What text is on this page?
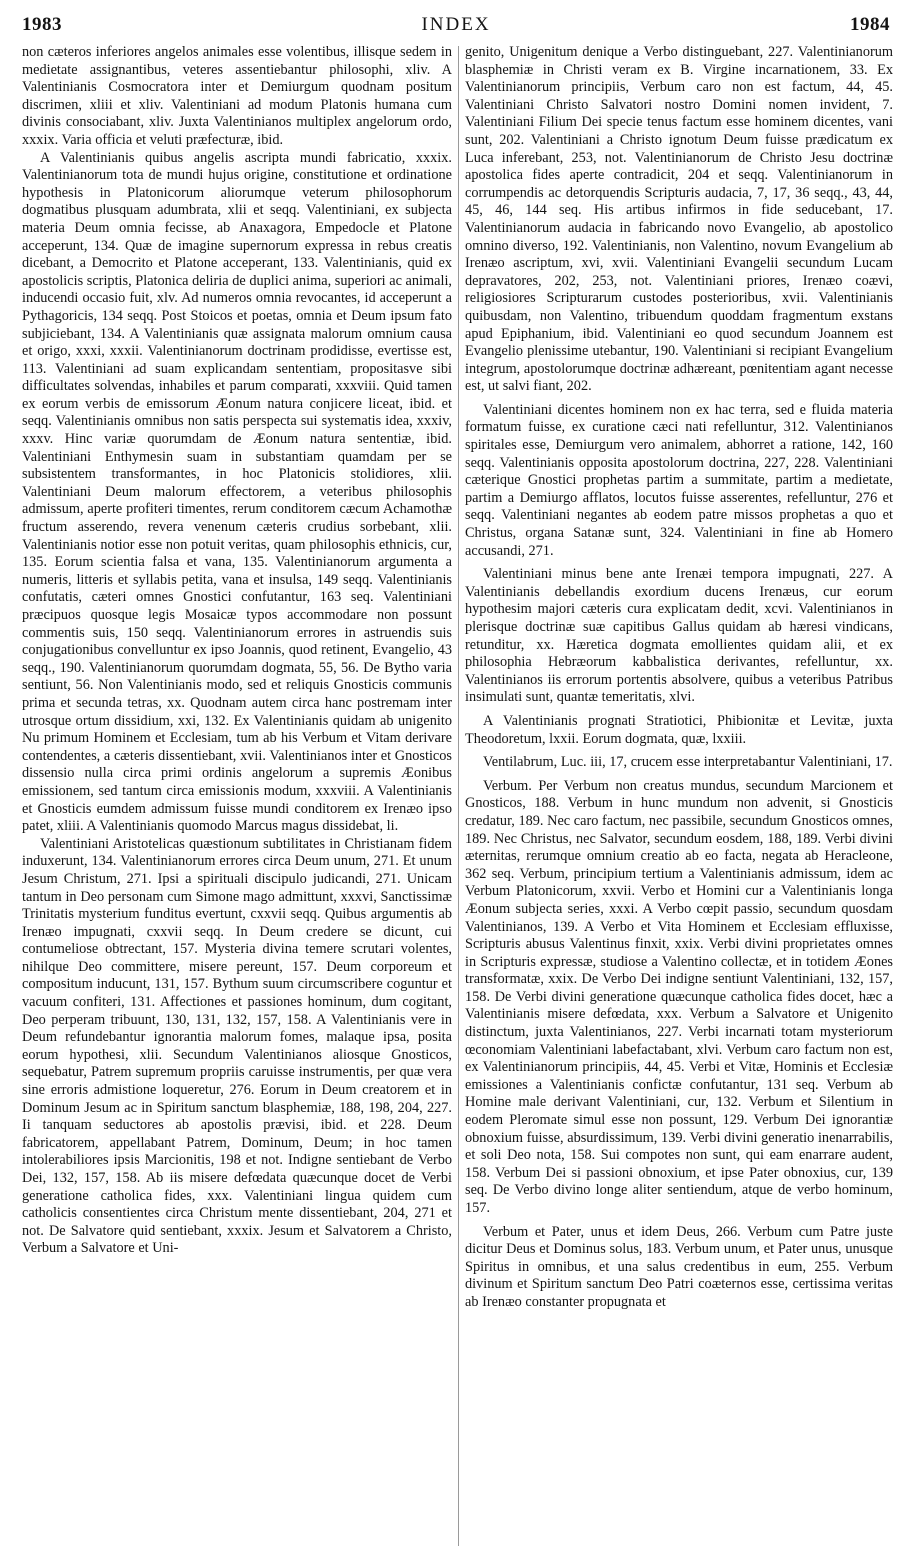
1983	INDEX	1984

non cæteros inferiores angelos animales esse volentibus, illisque sedem in medietate assignantibus, veteres assentiebantur philosophi, xliv. A Valentinianis Cosmocratora inter et Demiurgum quodnam positum discrimen, xliii et xliv. Valentiniani ad modum Platonis humana cum divinis consociabant, xliv. Juxta Valentinianos multiplex angelorum ordo, xxxix. Varia officia et veluti præfecturæ, ibid.

A Valentinianis quibus angelis ascripta mundi fabricatio, xxxix. Valentinianorum tota de mundi hujus origine, constitutione et ordinatione hypothesis in Platonicorum aliorumque veterum philosophorum dogmatibus plusquam adumbrata, xlii et seqq. Valentiniani, ex subjecta materia Deum omnia fecisse, ab Anaxagora, Empedocle et Platone acceperunt, 134. Quæ de imagine supernorum expressa in rebus creatis dicebant, a Democrito et Platone acceperant, 133. Valentinianis, quid ex apostolicis scriptis, Platonica deliria de duplici anima, superiori ac animali, inducendi occasio fuit, xlv. Ad numeros omnia revocantes, id acceperunt a Pythagoricis, 134 seqq. Post Stoicos et poetas, omnia et Deum ipsum fato subjiciebant, 134. A Valentinianis quæ assignata malorum omnium causa et origo, xxxi, xxxii. Valentinianorum doctrinam prodidisse, evertisse est, 113. Valentiniani ad suam explicandam sententiam, propositasve sibi difficultates solvendas, inhabiles et parum comparati, xxxviii. Quid tamen ex eorum verbis de emissorum Æonum natura conjicere liceat, ibid. et seqq. Valentinianis omnibus non satis perspecta sui systematis idea, xxxiv, xxxv. Hinc variæ quorumdam de Æonum natura sententiæ, ibid. Valentiniani Enthymesin suam in substantiam quamdam per se subsistentem transformantes, in hoc Platonicis stolidiores, xlii. Valentiniani Deum malorum effectorem, a veteribus philosophis admissum, aperte profiteri timentes, rerum conditorem cæcum Achamothæ fructum asserendo, revera venenum cæteris crudius sorbebant, xlii. Valentinianis notior esse non potuit veritas, quam philosophis ethnicis, cur, 135. Eorum scientia falsa et vana, 135. Valentinianorum argumenta a numeris, litteris et syllabis petita, vana et insulsa, 149 seqq. Valentinianis confutatis, cæteri omnes Gnostici confutantur, 163 seq. Valentiniani præcipuos quosque legis Mosaicæ typos accommodare non possunt commentis suis, 150 seqq. Valentinianorum errores in astruendis suis conjugationibus convelluntur ex ipso Joannis, quod retinent, Evangelio, 43 seqq., 190. Valentinianorum quorumdam dogmata, 55, 56. De Bytho varia sentiunt, 56. Non Valentinianis modo, sed et reliquis Gnosticis communis prima et secunda tetras, xx. Quodnam autem circa hanc postremam inter utrosque ortum dissidium, xxi, 132. Ex Valentinianis quidam ab unigenito Nu primum Hominem et Ecclesiam, tum ab his Verbum et Vitam derivare contendentes, a cæteris dissentiebant, xvii. Valentinianos inter et Gnosticos dissensio nulla circa primi ordinis angelorum a supremis Æonibus emissionem, sed tantum circa emissionis modum, xxxviii. A Valentinianis et Gnosticis eumdem admissum fuisse mundi conditorem ex Irenæo ipso patet, xliii. A Valentinianis quomodo Marcus magus dissidebat, li.

Valentiniani Aristotelicas quæstionum subtilitates in Christianam fidem induxerunt, 134. Valentinianorum errores circa Deum unum, 271. Et unum Jesum Christum, 271. Ipsi a spirituali discipulo judicandi, 271. Unicam tantum in Deo personam cum Simone mago admittunt, xxxvi, Sanctissimæ Trinitatis mysterium funditus evertunt, cxxvii seqq. Quibus argumentis ab Irenæo impugnati, cxxvii seqq. In Deum credere se dicunt, cui contumeliose obtrectant, 157. Mysteria divina temere scrutari volentes, nihilque Deo committere, misere pereunt, 157. Deum corporeum et compositum inducunt, 131, 157. Bythum suum circumscribere coguntur et vacuum confiteri, 131. Affectiones et passiones hominum, dum cogitant, Deo perperam tribuunt, 130, 131, 132, 157, 158. A Valentinianis vere in Deum refundebantur ignorantia malorum fomes, malaque ipsa, posita eorum hypothesi, xlii. Secundum Valentinianos aliosque Gnosticos, sequebatur, Patrem supremum propriis caruisse instrumentis, per quæ vera sine erroris admistione loqueretur, 276. Eorum in Deum creatorem et in Dominum Jesum ac in Spiritum sanctum blasphemiæ, 188, 198, 204, 227. Ii tanquam seductores ab apostolis prævisi, ibid. et 228. Deum fabricatorem, appellabant Patrem, Dominum, Deum; in hoc tamen intolerabiliores ipsis Marcionitis, 198 et not. Indigne sentiebant de Verbo Dei, 132, 157, 158. Ab iis misere defœdata quæcunque docet de Verbi generatione catholica fides, xxx. Valentiniani lingua quidem cum catholicis consentientes circa Christum mente dissentiebant, 204, 271 et not. De Salvatore quid sentiebant, xxxix. Jesum et Salvatorem a Christo, Verbum a Salvatore et Uni-

genito, Unigenitum denique a Verbo distinguebant, 227. Valentinianorum blasphemiæ in Christi veram ex B. Virgine incarnationem, 33. Ex Valentinianorum principiis, Verbum caro non est factum, 44, 45. Valentiniani Christo Salvatori nostro Domini nomen invident, 7. Valentiniani Filium Dei specie tenus factum esse hominem dicentes, vani sunt, 202. Valentiniani a Christo ignotum Deum fuisse prædicatum ex Luca inferebant, 253, not. Valentinianorum de Christo Jesu doctrinæ apostolica fides aperte contradicit, 204 et seqq. Valentinianorum in corrumpendis ac detorquendis Scripturis audacia, 7, 17, 36 seqq., 43, 44, 45, 46, 144 seq. His artibus infirmos in fide seducebant, 17. Valentinianorum audacia in fabricando novo Evangelio, ab apostolico omnino diverso, 192. Valentinianis, non Valentino, novum Evangelium ab Irenæo ascriptum, xvi, xvii. Valentiniani Evangelii secundum Lucam depravatores, 202, 253, not. Valentiniani priores, Irenæo coævi, religiosiores Scripturarum custodes posterioribus, xvii. Valentinianis quibusdam, non Valentino, tribuendum quoddam fragmentum exstans apud Epiphanium, ibid. Valentiniani eo quod secundum Joannem est Evangelio plenissime utebantur, 190. Valentiniani si recipiant Evangelium integrum, apostolorumque doctrinæ adhæreant, pœnitentiam agant necesse est, ut salvi fiant, 202.

Valentiniani dicentes hominem non ex hac terra, sed e fluida materia formatum fuisse, ex curatione cæci nati refelluntur, 312. Valentinianos spiritales esse, Demiurgum vero animalem, abhorret a ratione, 142, 160 seqq. Valentinianis opposita apostolorum doctrina, 227, 228. Valentiniani cæterique Gnostici prophetas partim a summitate, partim a medietate, partim a Demiurgo afflatos, locutos fuisse asserentes, refelluntur, 276 et seqq. Valentiniani negantes ab eodem patre missos prophetas a quo et Christus, organa Satanæ sunt, 324. Valentiniani in fine ab Homero accusandi, 271.

Valentiniani minus bene ante Irenæi tempora impugnati, 227. A Valentinianis debellandis exordium ducens Irenæus, cur eorum hypothesim majori cæteris cura explicatam dedit, xcvi. Valentinianos in plerisque doctrinæ suæ capitibus Gallus quidam ab hæresi vindicans, retunditur, xx. Hæretica dogmata emollientes quidam alii, et ex philosophia Hebræorum kabbalistica derivantes, refelluntur, xx. Valentinianos iis errorum portentis absolvere, quibus a veteribus Patribus insimulati sunt, quantæ temeritatis, xlvi.

A Valentinianis prognati Stratiotici, Phibionitæ et Levitæ, juxta Theodoretum, lxxii. Eorum dogmata, quæ, lxxiii.

Ventilabrum, Luc. iii, 17, crucem esse interpretabantur Valentiniani, 17.

Verbum. Per Verbum non creatus mundus, secundum Marcionem et Gnosticos, 188. Verbum in hunc mundum non advenit, si Gnosticis credatur, 189. Nec caro factum, nec passibile, secundum Gnosticos omnes, 189. Nec Christus, nec Salvator, secundum eosdem, 188, 189. Verbi divini æternitas, rerumque omnium creatio ab eo facta, negata ab Heracleone, 362 seq. Verbum, principium tertium a Valentinianis admissum, idem ac Verbum Platonicorum, xxvii. Verbo et Homini cur a Valentinianis longa Æonum subjecta series, xxxi. A Verbo cœpit passio, secundum quosdam Valentinianos, 139. A Verbo et Vita Hominem et Ecclesiam effluxisse, Scripturis abusus Valentinus finxit, xxix. Verbi divini proprietates omnes in Scripturis expressæ, studiose a Valentino collectæ, et in totidem Æones transformatæ, xxix. De Verbo Dei indigne sentiunt Valentiniani, 132, 157, 158. De Verbi divini generatione quæcunque catholica fides docet, hæc a Valentinianis misere defœdata, xxx. Verbum a Salvatore et Unigenito distinctum, juxta Valentinianos, 227. Verbi incarnati totam mysteriorum œconomiam Valentiniani labefactabant, xlvi. Verbum caro factum non est, ex Valentinianorum principiis, 44, 45. Verbi et Vitæ, Hominis et Ecclesiæ emissiones a Valentinianis confictæ confutantur, 131 seq. Verbum ab Homine male derivant Valentiniani, cur, 132. Verbum et Silentium in eodem Pleromate simul esse non possunt, 129. Verbum Dei ignorantiæ obnoxium fuisse, absurdissimum, 139. Verbi divini generatio inenarrabilis, et soli Deo nota, 158. Sui compotes non sunt, qui eam enarrare audent, 158. Verbum Dei si passioni obnoxium, et ipse Pater obnoxius, cur, 139 seq. De Verbo divino longe aliter sentiendum, atque de verbo hominum, 157.

Verbum et Pater, unus et idem Deus, 266. Verbum cum Patre juste dicitur Deus et Dominus solus, 183. Verbum unum, et Pater unus, unusque Spiritus in omnibus, et una salus credentibus in eum, 255. Verbum divinum et Spiritum sanctum Deo Patri coæternos esse, certissima veritas ab Irenæo constanter propugnata et
